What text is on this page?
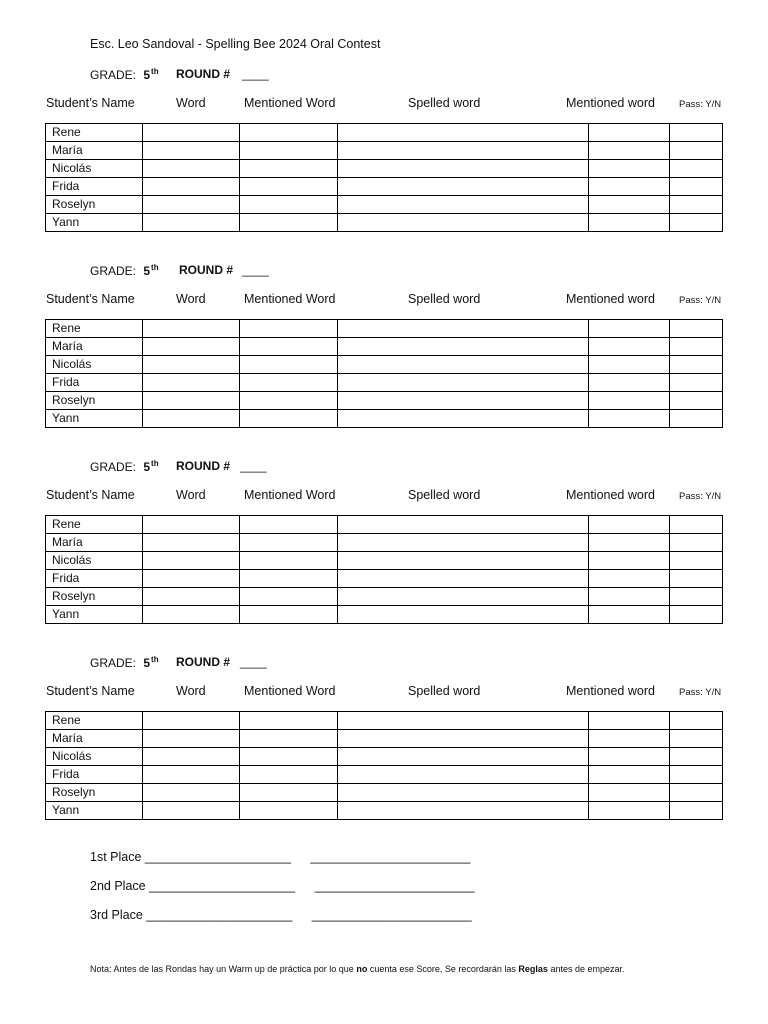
Esc. Leo Sandoval - Spelling Bee 2024 Oral Contest
GRADE: 5th ROUND # ____
Student’s Name	Word	Mentioned Word	Spelled word	Mentioned word	Pass: Y/N
Rene					
María					
Nicolás					
Frida					
Roselyn					
Yann					
GRADE: 5th ROUND # ____
Student’s Name	Word	Mentioned Word	Spelled word	Mentioned word	Pass: Y/N
Rene					
María					
Nicolás					
Frida					
Roselyn					
Yann					
GRADE: 5th ROUND # ____
Student’s Name	Word	Mentioned Word	Spelled word	Mentioned word	Pass: Y/N
Rene					
María					
Nicolás					
Frida					
Roselyn					
Yann					
GRADE: 5th ROUND # ____
Student’s Name	Word	Mentioned Word	Spelled word	Mentioned word	Pass: Y/N
Rene					
María					
Nicolás					
Frida					
Roselyn					
Yann					
1st Place _____________________ _______________________
2nd Place _____________________ _______________________
3rd Place _____________________ _______________________
Nota: Antes de las Rondas hay un Warm up de práctica por lo que no cuenta ese Score, Se recordarán las Reglas antes de empezar.
